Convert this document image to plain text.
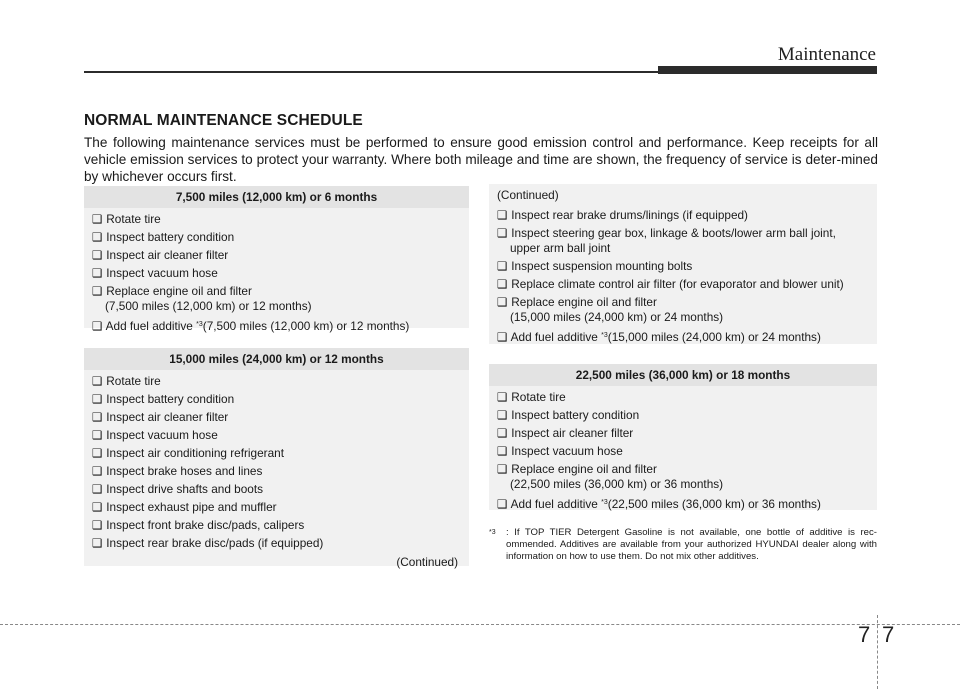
Maintenance
NORMAL MAINTENANCE SCHEDULE
The following maintenance services must be performed to ensure good emission control and performance. Keep receipts for all vehicle emission services to protect your warranty. Where both mileage and time are shown, the frequency of service is deter-mined by whichever occurs first.
7,500 miles (12,000 km) or 6 months
❑ Rotate tire
❑ Inspect battery condition
❑ Inspect air cleaner filter
❑ Inspect vacuum hose
❑ Replace engine oil and filter
(7,500 miles (12,000 km) or 12 months)
❑ Add fuel additive $^{*3}$(7,500 miles (12,000 km) or 12 months)
15,000 miles (24,000 km) or 12 months
❑ Rotate tire
❑ Inspect battery condition
❑ Inspect air cleaner filter
❑ Inspect vacuum hose
❑ Inspect air conditioning refrigerant
❑ Inspect brake hoses and lines
❑ Inspect drive shafts and boots
❑ Inspect exhaust pipe and muffler
❑ Inspect front brake disc/pads, calipers
❑ Inspect rear brake disc/pads (if equipped)
(Continued)
(Continued)
❑ Inspect rear brake drums/linings (if equipped)
❑ Inspect steering gear box, linkage & boots/lower arm ball joint,
upper arm ball joint
❑ Inspect suspension mounting bolts
❑ Replace climate control air filter (for evaporator and blower unit)
❑ Replace engine oil and filter
(15,000 miles (24,000 km) or 24 months)
❑ Add fuel additive $^{*3}$(15,000 miles (24,000 km) or 24 months)
22,500 miles (36,000 km) or 18 months
❑ Rotate tire
❑ Inspect battery condition
❑ Inspect air cleaner filter
❑ Inspect vacuum hose
❑ Replace engine oil and filter
(22,500 miles (36,000 km) or 36 months)
❑ Add fuel additive $^{*3}$(22,500 miles (36,000 km) or 36 months)
*3	: If TOP TIER Detergent Gasoline is not available, one bottle of additive is rec-ommended. Additives are available from your authorized HYUNDAI dealer along with information on how to use them. Do not mix other additives.
7 7
